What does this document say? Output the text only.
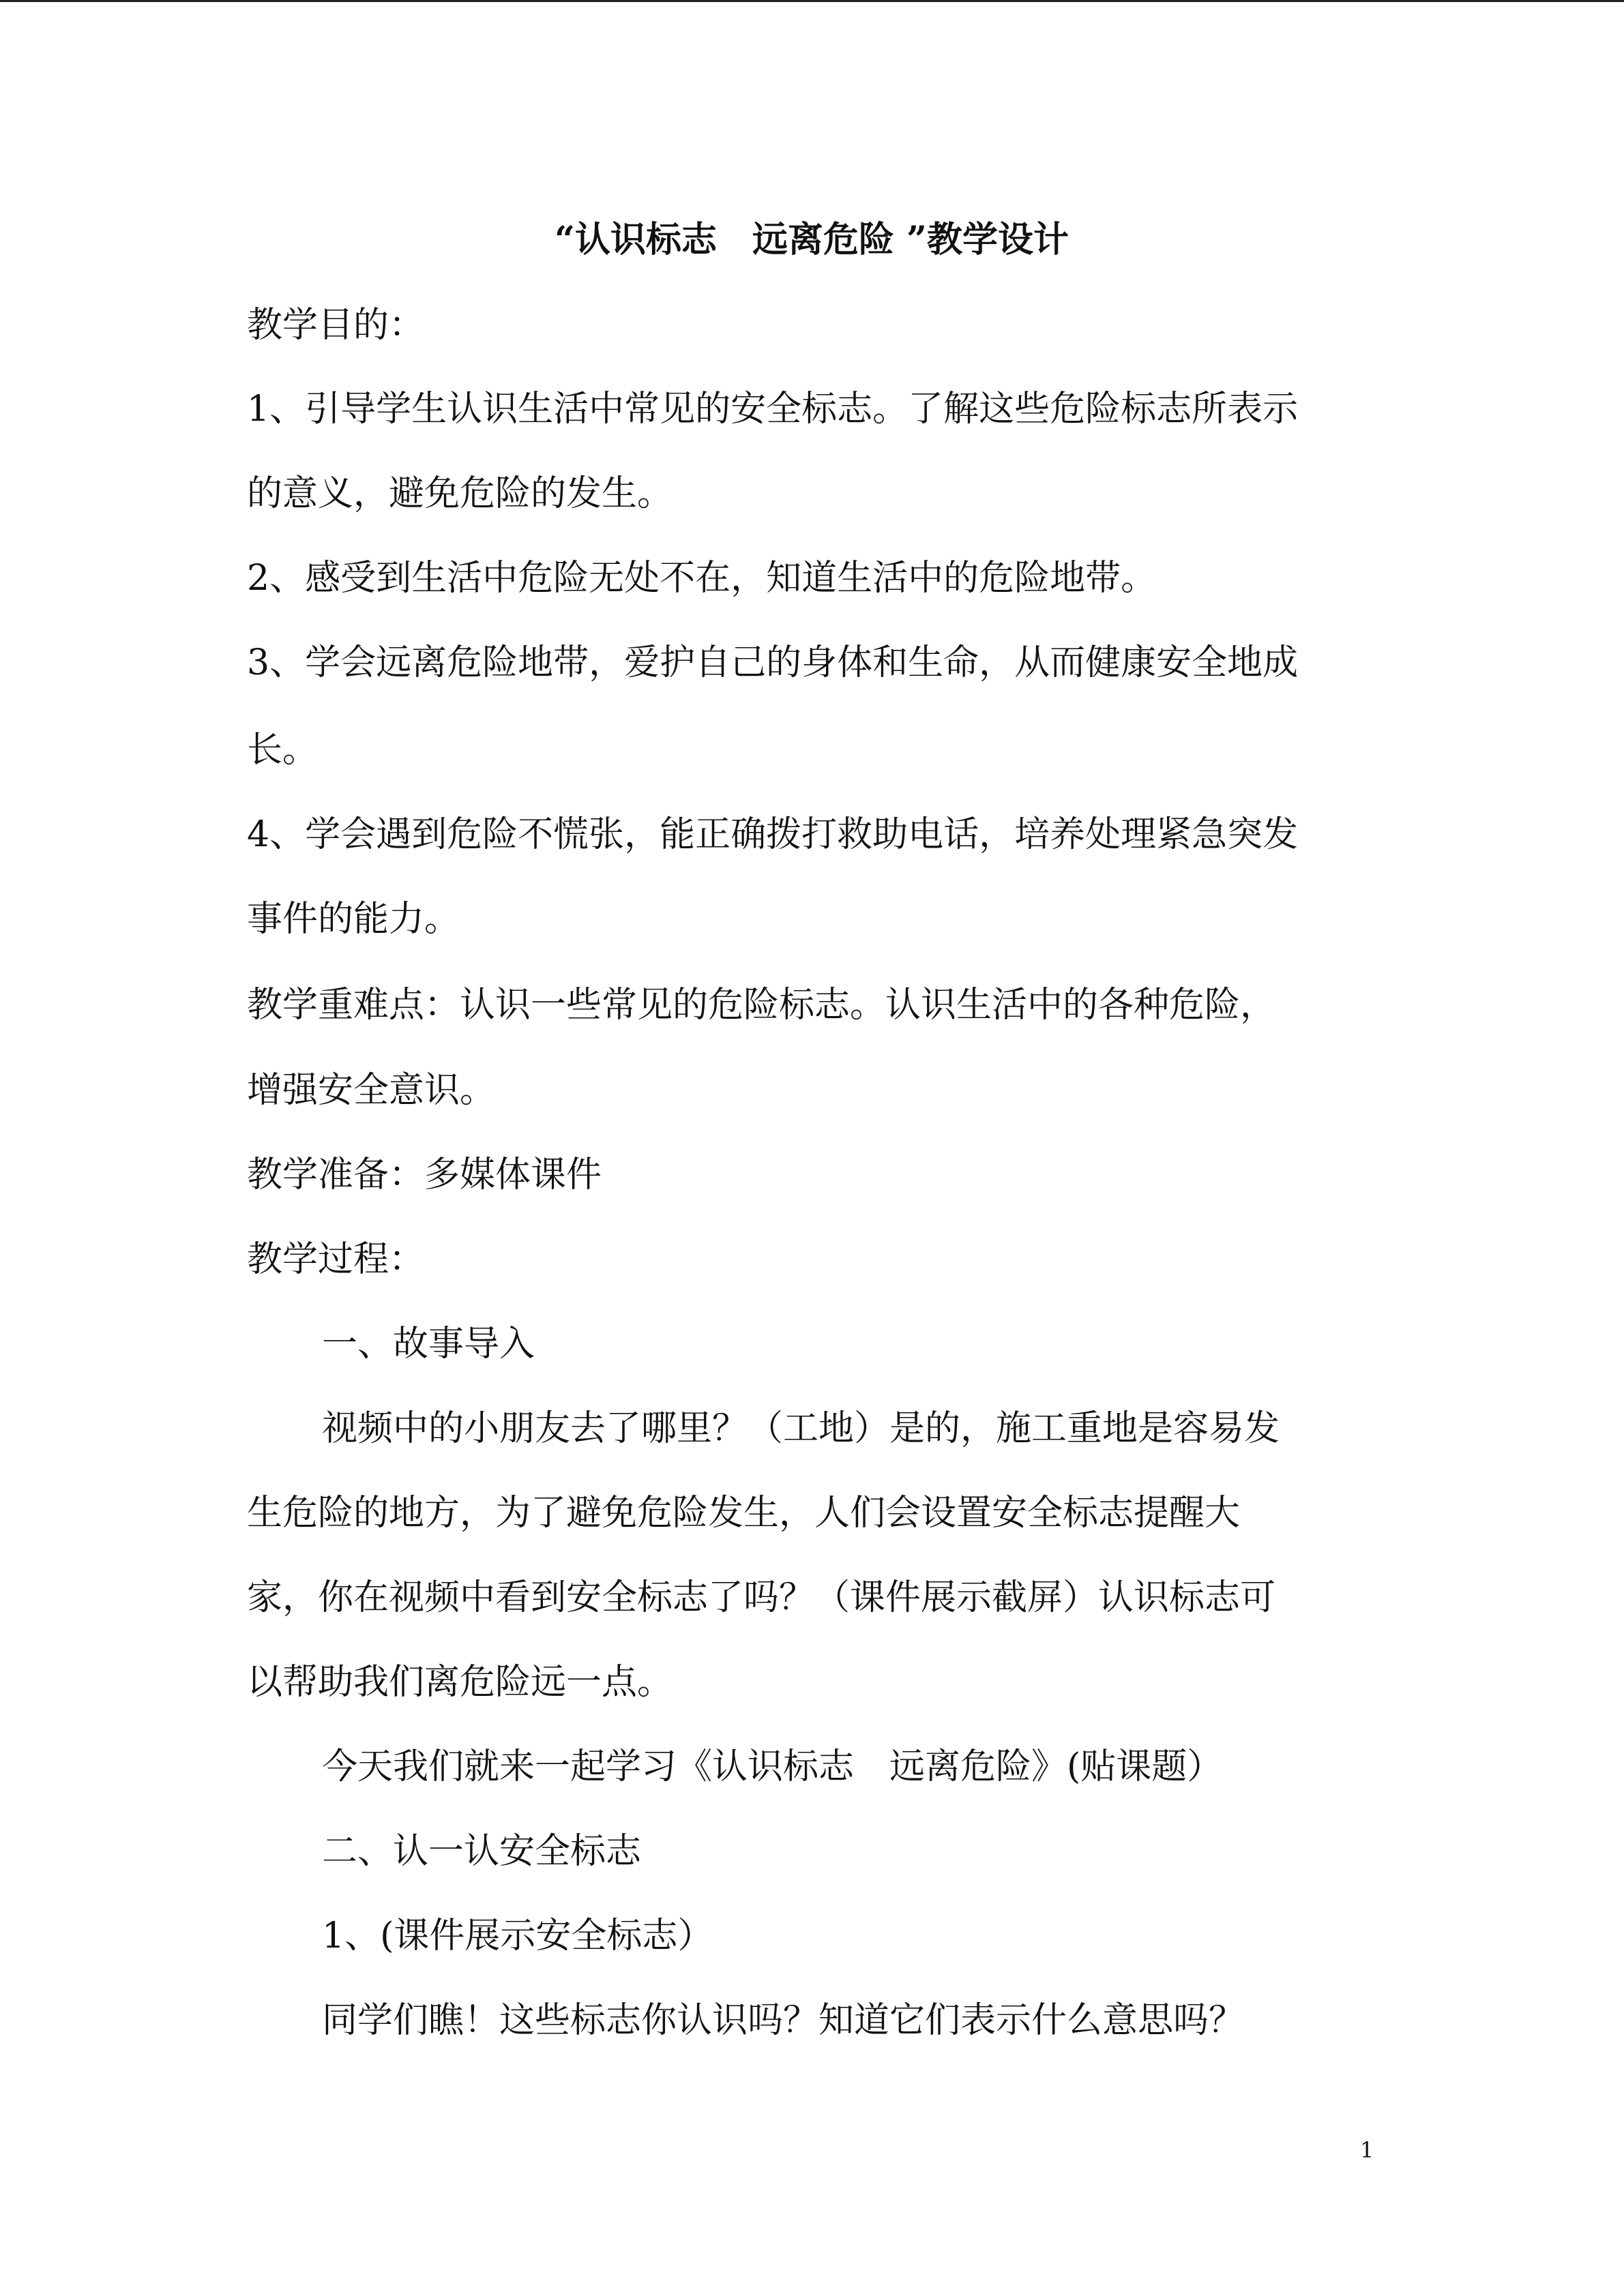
“认识标志　远离危险 ”教学设计

教学目的：

1、引导学生认识生活中常见的安全标志。了解这些危险标志所表示

的意义，避免危险的发生。

2、感受到生活中危险无处不在，知道生活中的危险地带。

3、学会远离危险地带，爱护自己的身体和生命，从而健康安全地成

长。

4、学会遇到危险不慌张，能正确拨打救助电话，培养处理紧急突发

事件的能力。

教学重难点：认识一些常见的危险标志。认识生活中的各种危险，

增强安全意识。

教学准备：多媒体课件

教学过程：

一、故事导入

视频中的小朋友去了哪里？（工地）是的，施工重地是容易发

生危险的地方，为了避免危险发生，人们会设置安全标志提醒大

家，你在视频中看到安全标志了吗？（课件展示截屏）认识标志可

以帮助我们离危险远一点。

今天我们就来一起学习《认识标志　远离危险》(贴课题）

二、认一认安全标志

1、(课件展示安全标志）

同学们瞧！这些标志你认识吗？知道它们表示什么意思吗？

1
